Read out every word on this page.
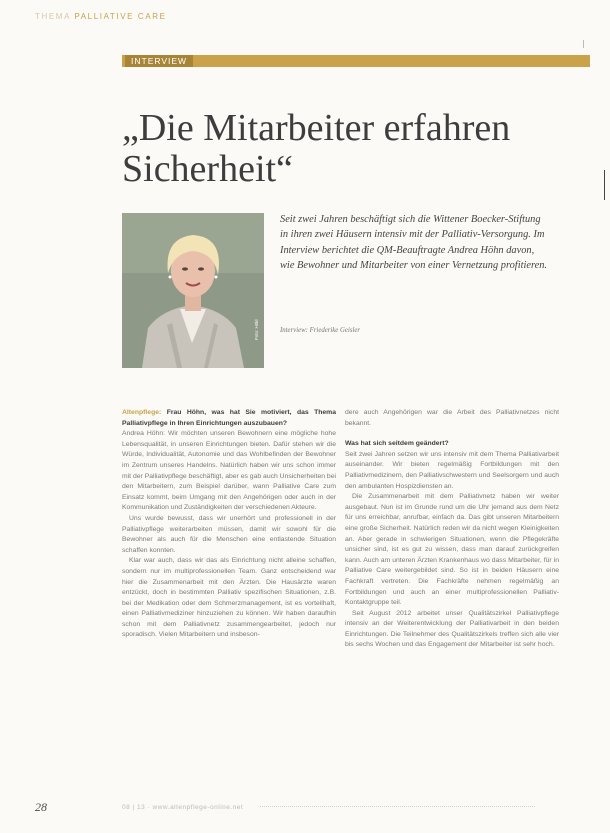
THEMA PALLIATIVE CARE
INTERVIEW
„Die Mitarbeiter erfahren Sicherheit“
Foto: Hökl
Seit zwei Jahren beschäftigt sich die Wittener Boecker-Stiftung in ihren zwei Häusern intensiv mit der Palliativ-Versorgung. Im Interview berichtet die QM-Beauftragte Andrea Höhn davon, wie Bewohner und Mitarbeiter von einer Vernetzung profitieren.
Interview: Friederike Geisler

Altenpflege: Frau Höhn, was hat Sie motiviert, das Thema Palliativpflege in Ihren Einrichtungen auszubauen?

Andrea Höhn: Wir möchten unseren Bewohnern eine mögliche hohe Lebensqualität, in unseren Einrichtungen bieten. Dafür stehen wir die Würde, Individualität, Autonomie und das Wohlbefinden der Bewohner im Zentrum unseres Handelns. Natürlich haben wir uns schon immer mit der Palliativpflege beschäftigt, aber es gab auch Unsicherheiten bei den Mitarbeitern, zum Beispiel darüber, wann Palliative Care zum Einsatz kommt, beim Umgang mit den Angehörigen oder auch in der Kommunikation und Zuständigkeiten der verschiedenen Akteure.

Uns wurde bewusst, dass wir unerhört und professionell in der Palliativpflege weiterarbeiten müssen, damit wir sowohl für die Bewohner als auch für die Menschen eine entlastende Situation schaffen konnten.

Klar war auch, dass wir das als Einrichtung nicht alleine schaffen, sondern nur im multiprofessionellen Team. Ganz entscheidend war hier die Zusammenarbeit mit den Ärzten. Die Hausärzte waren entzückt, doch in bestimmten Palliativ spezifischen Situationen, z.B. bei der Medikation oder dem Schmerzmanagement, ist es vorteilhaft, einen Palliativmediziner hinzuziehen zu können. Wir haben daraufhin schon mit dem Palliativnetz zusammengearbeitet, jedoch nur sporadisch. Vielen Mitarbeitern und insbeson-

dere auch Angehörigen war die Arbeit des Palliativnetzes nicht bekannt.

Was hat sich seitdem geändert?

Seit zwei Jahren setzen wir uns intensiv mit dem Thema Palliativarbeit auseinander. Wir bieten regelmäßig Fortbildungen mit den Palliativmedizinern, den Palliativschwestern und Seelsorgern und auch den ambulanten Hospizdiensten an.

Die Zusammenarbeit mit dem Palliativnetz haben wir weiter ausgebaut. Nun ist im Grunde rund um die Uhr jemand aus dem Netz für uns erreichbar, anrufbar, einfach da. Das gibt unseren Mitarbeitern eine große Sicherheit. Natürlich reden wir da nicht wegen Kleinigkeiten an. Aber gerade in schwierigen Situationen, wenn die Pflegekräfte unsicher sind, ist es gut zu wissen, dass man darauf zurückgreifen kann. Auch am unteren Ärzten Krankenhaus wo dass Mitarbeiter, für in Palliative Care weitergebildet sind. So ist in beiden Häusern eine Fachkraft vertreten. Die Fachkräfte nehmen regelmäßig an Fortbildungen und auch an einer multiprofessionellen Palliativ-Kontaktgruppe teil.

Seit August 2012 arbeitet unser Qualitätszirkel Palliativpflege intensiv an der Weiterentwicklung der Palliativarbeit in den beiden Einrichtungen. Die Teilnehmer des Qualitätszirkels treffen sich alle vier bis sechs Wochen und das Engagement der Mitarbeiter ist sehr hoch.

28	08 | 13 · www.altenpflege-online.net
